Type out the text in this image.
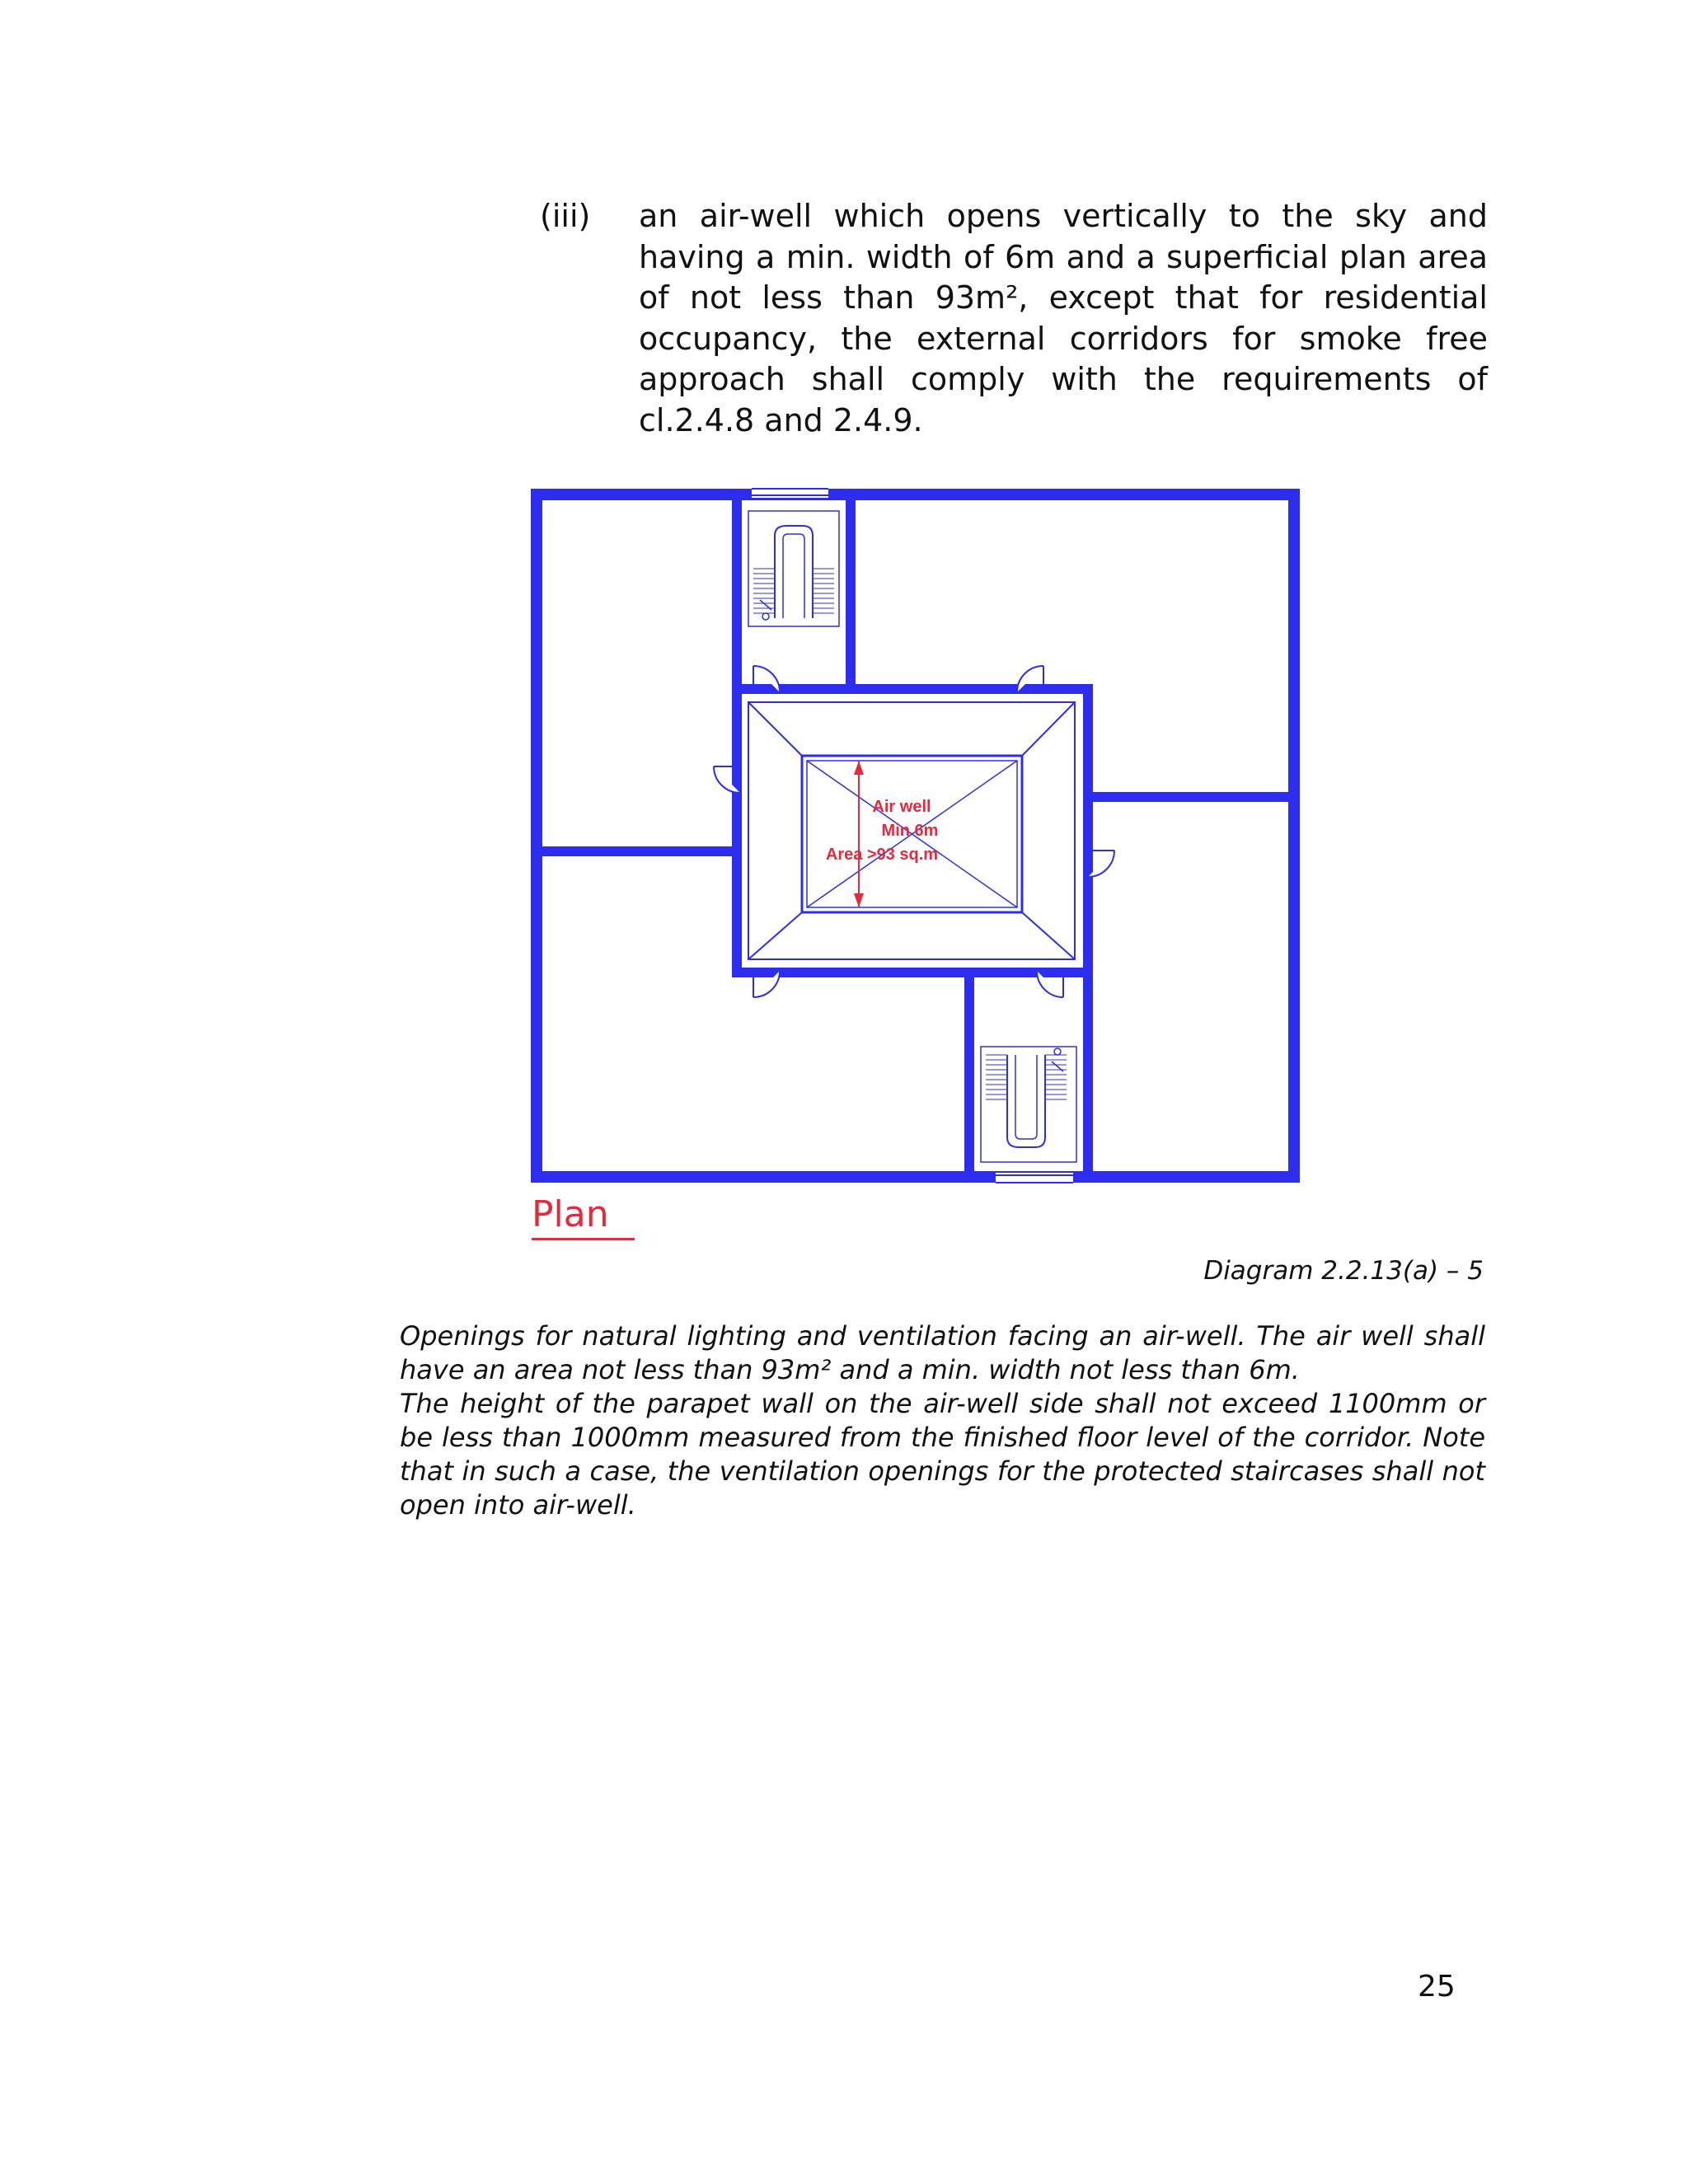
(iii) an air-well which opens vertically to the sky and having a min. width of 6m and a superficial plan area of not less than 93m², except that for residential occupancy, the external corridors for smoke free approach shall comply with the requirements of cl.2.4.8 and 2.4.9.
Air well
Min 6m
Area >93 sq.m
Plan
Diagram 2.2.13(a) – 5

Openings for natural lighting and ventilation facing an air-well. The air well shall have an area not less than 93m² and a min. width not less than 6m.

The height of the parapet wall on the air-well side shall not exceed 1100mm or be less than 1000mm measured from the finished floor level of the corridor. Note that in such a case, the ventilation openings for the protected staircases shall not open into air-well.

25
